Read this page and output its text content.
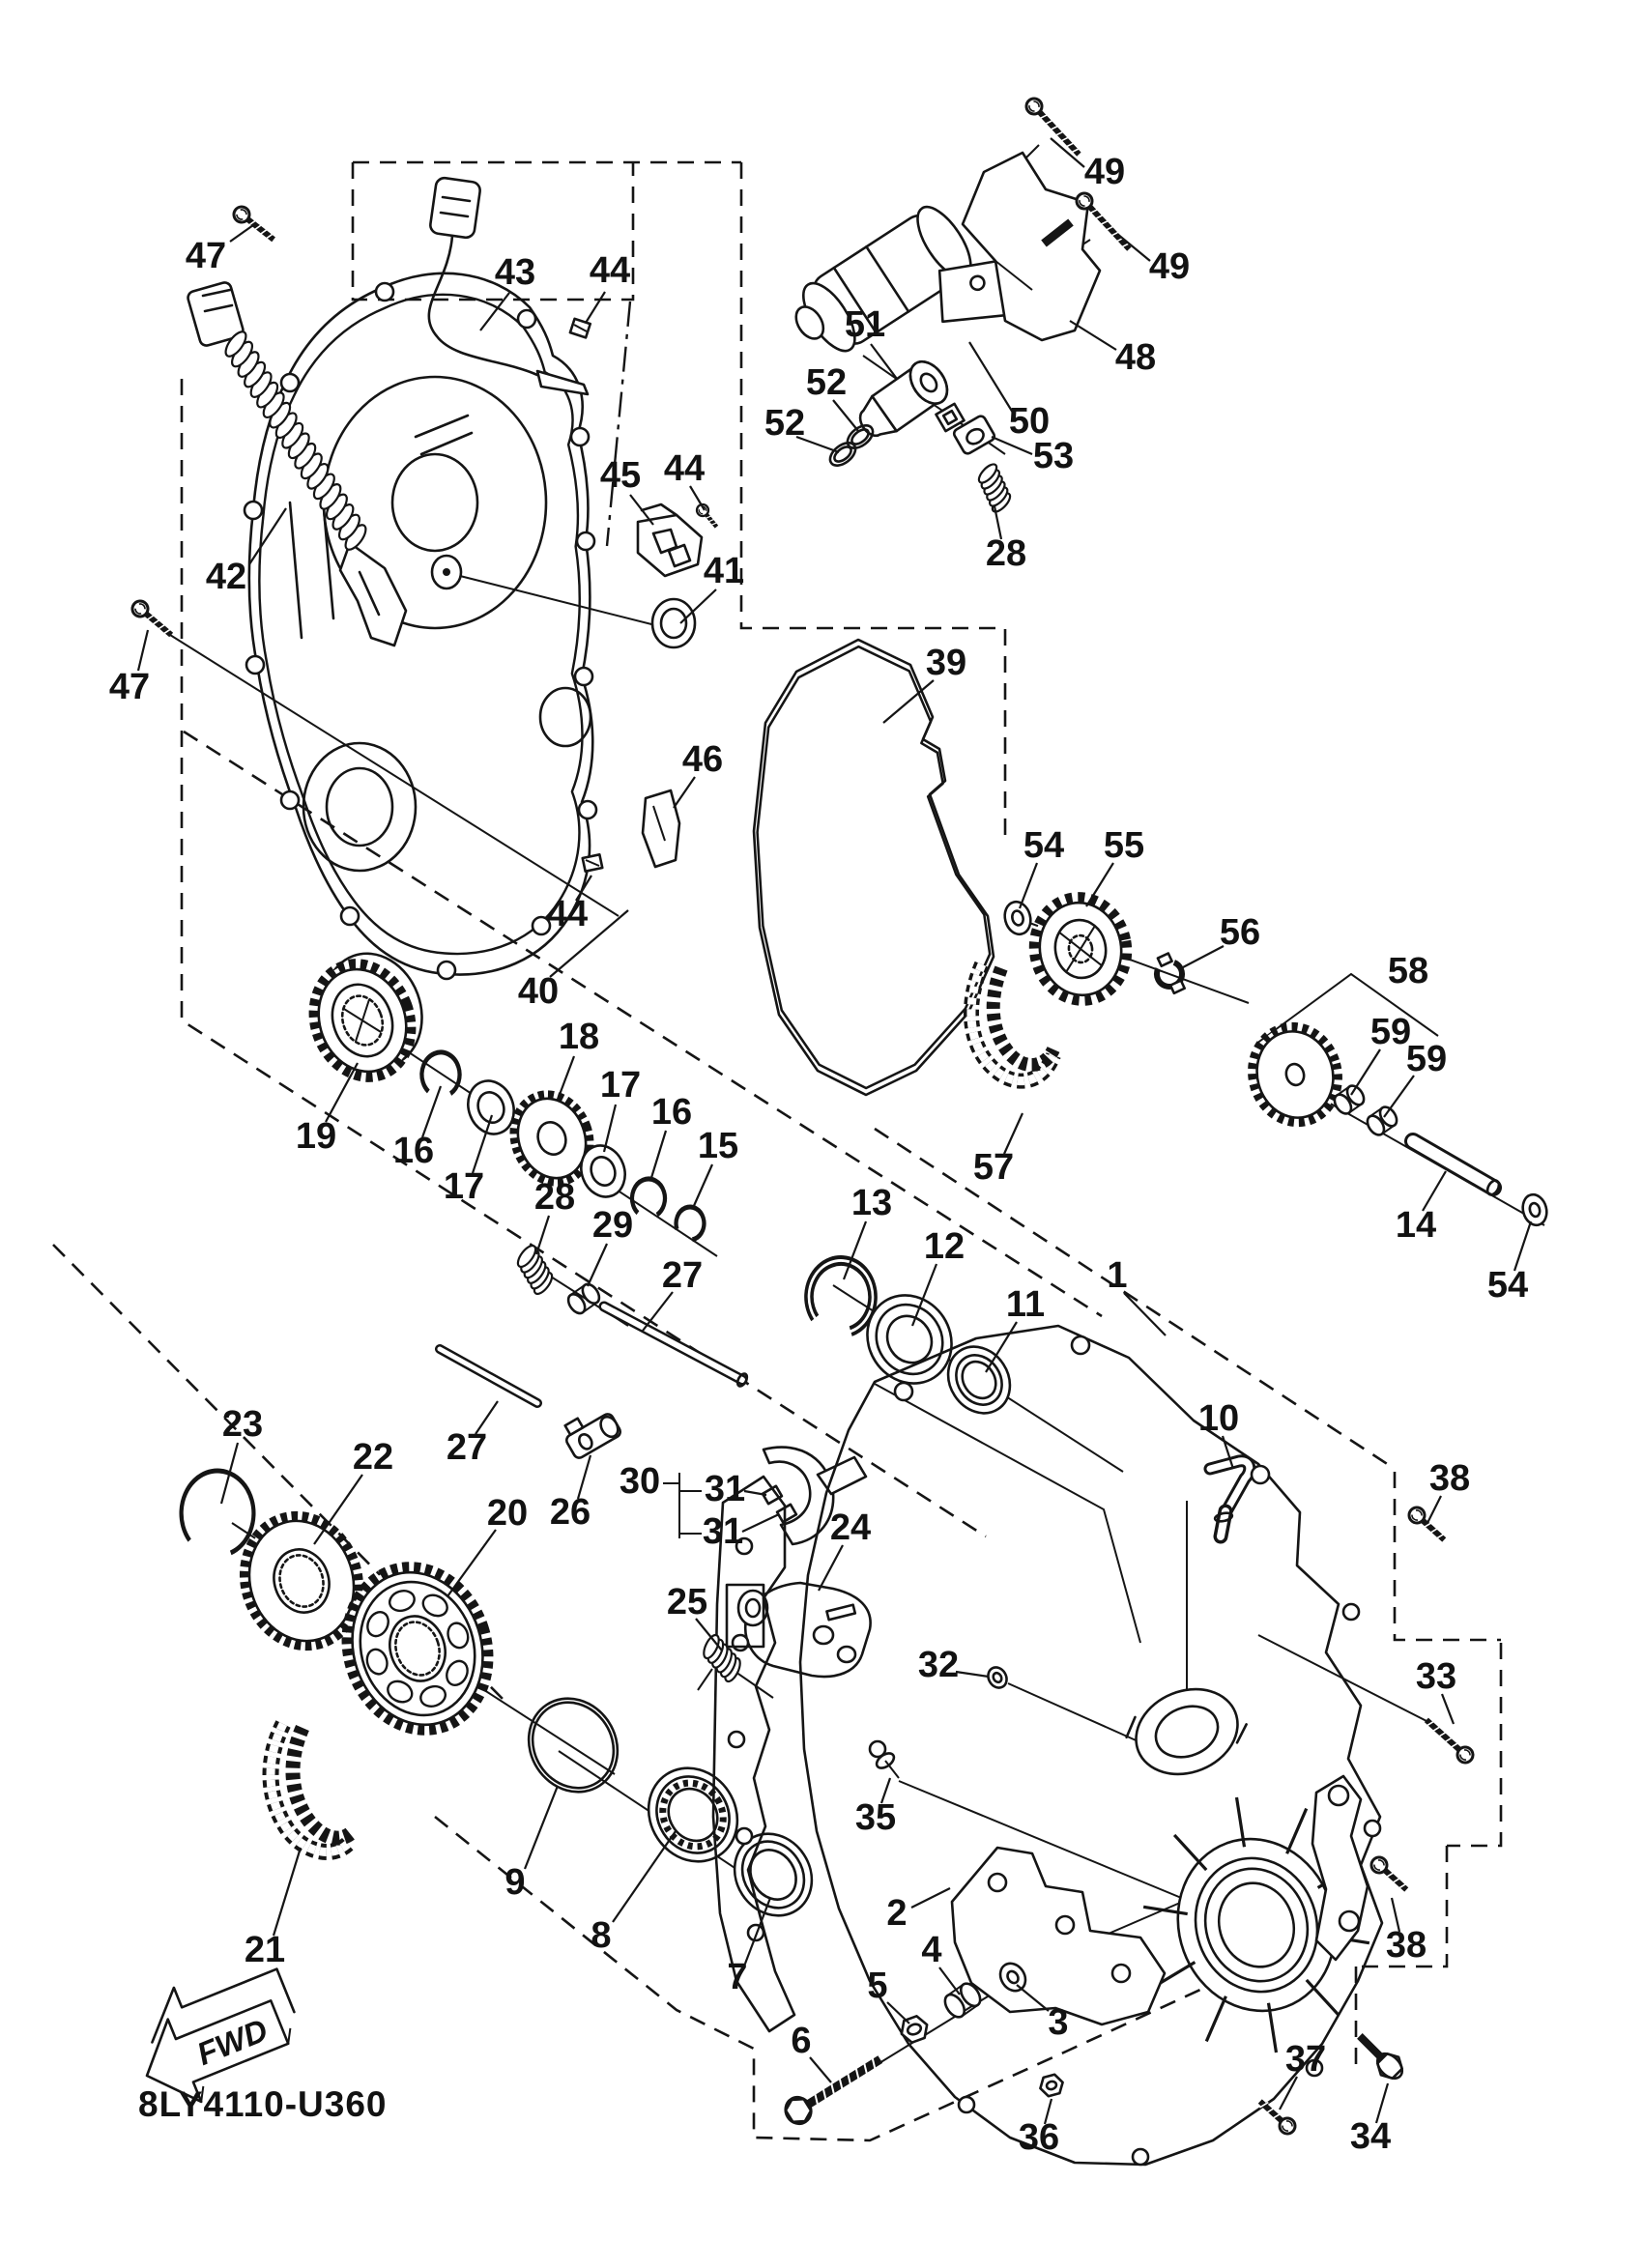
47
47
42
43 44
44
44
45
41
46
39
40
49
49
48
50
51
52
52
53
28
54 55
56
57
58
59
59
14
54
13
12
11
1
10
38
33
23
22
27
27
26
30 31
31 24
25
32
35
2
4
5
3
6
36
37
34
38
19 16
17
18
17
16
15
28
29
20
21
9
8
7
FWD
8LY4110-U360
